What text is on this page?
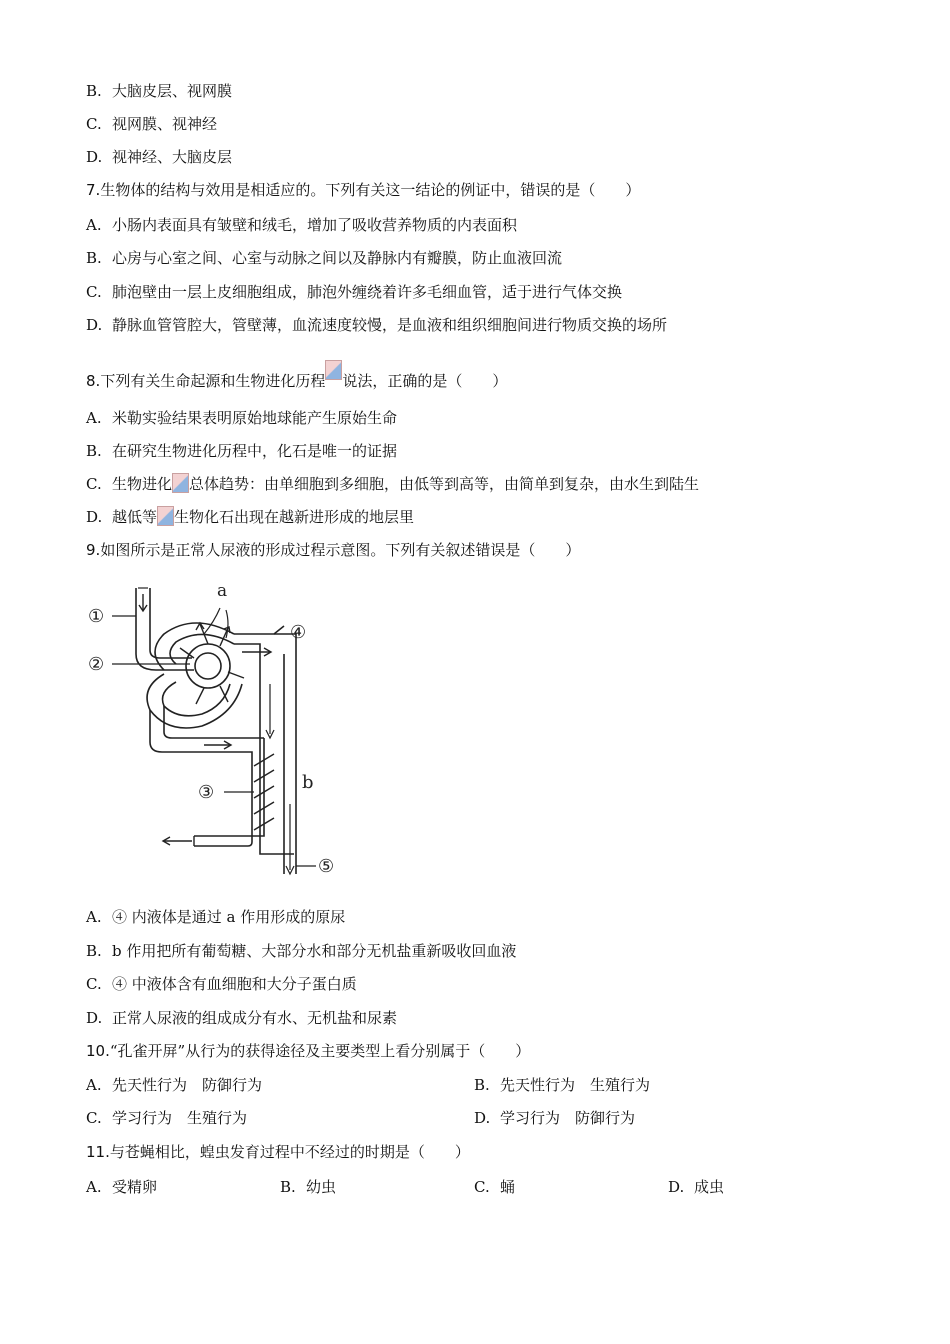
B. 大脑皮层、视网膜
C. 视网膜、视神经
D. 视神经、大脑皮层
7.生物体的结构与效用是相适应的。下列有关这一结论的例证中，错误的是（　　）
A. 小肠内表面具有皱壁和绒毛，增加了吸收营养物质的内表面积
B. 心房与心室之间、心室与动脉之间以及静脉内有瓣膜，防止血液回流
C. 肺泡壁由一层上皮细胞组成，肺泡外缠绕着许多毛细血管，适于进行气体交换
D. 静脉血管管腔大，管壁薄，血流速度较慢，是血液和组织细胞间进行物质交换的场所
8.下列有关生命起源和生物进化历程 说法，正确的是（　　）
A. 米勒实验结果表明原始地球能产生原始生命
B. 在研究生物进化历程中，化石是唯一的证据
C. 生物进化 总体趋势：由单细胞到多细胞，由低等到高等，由简单到复杂，由水生到陆生
D. 越低等 生物化石出现在越新进形成的地层里
9.如图所示是正常人尿液的形成过程示意图。下列有关叙述错误是（　　）
a
④
b
①
②
③
⑤
A. ④ 内液体是通过 a 作用形成的原尿
B. b 作用把所有葡萄糖、大部分水和部分无机盐重新吸收回血液
C. ④ 中液体含有血细胞和大分子蛋白质
D. 正常人尿液的组成成分有水、无机盐和尿素
10.“孔雀开屏”从行为的获得途径及主要类型上看分别属于（　　）
A. 先天性行为　防御行为	B. 先天性行为　生殖行为
C. 学习行为　生殖行为	D. 学习行为　防御行为
11.与苍蝇相比，蝗虫发育过程中不经过的时期是（　　）
A. 受精卵	B. 幼虫	C. 蛹	D. 成虫
